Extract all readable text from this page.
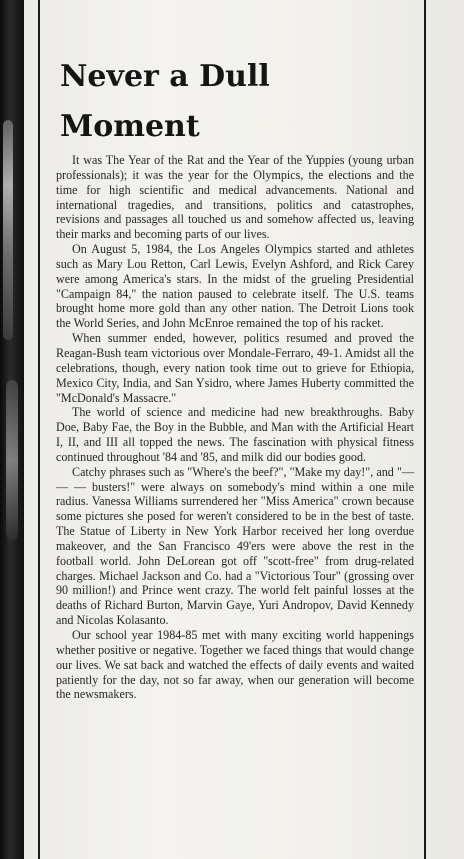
Never a Dull
Moment

It was The Year of the Rat and the Year of the Yuppies (young urban professionals); it was the year for the Olympics, the elections and the time for high scientific and medical advancements. National and international tragedies, and transitions, politics and catastrophes, revisions and passages all touched us and somehow affected us, leaving their marks and becoming parts of our lives.

On August 5, 1984, the Los Angeles Olympics started and athletes such as Mary Lou Retton, Carl Lewis, Evelyn Ashford, and Rick Carey were among America's stars. In the midst of the grueling Presidential "Campaign 84," the nation paused to celebrate itself. The U.S. teams brought home more gold than any other nation. The Detroit Lions took the World Series, and John McEnroe remained the top of his racket.

When summer ended, however, politics resumed and proved the Reagan-Bush team victorious over Mondale-Ferraro, 49-1. Amidst all the celebrations, though, every nation took time out to grieve for Ethiopia, Mexico City, India, and San Ysidro, where James Huberty committed the "McDonald's Massacre."

The world of science and medicine had new breakthroughs. Baby Doe, Baby Fae, the Boy in the Bubble, and Man with the Artificial Heart I, II, and III all topped the news. The fascination with physical fitness continued throughout '84 and '85, and milk did our bodies good.

Catchy phrases such as "Where's the beef?", "Make my day!", and "— — — busters!" were always on somebody's mind within a one mile radius. Vanessa Williams surrendered her "Miss America" crown because some pictures she posed for weren't considered to be in the best of taste. The Statue of Liberty in New York Harbor received her long overdue makeover, and the San Francisco 49'ers were above the rest in the football world. John DeLorean got off "scott-free" from drug-related charges. Michael Jackson and Co. had a "Victorious Tour" (grossing over 90 million!) and Prince went crazy. The world felt painful losses at the deaths of Richard Burton, Marvin Gaye, Yuri Andropov, David Kennedy and Nicolas Kolasanto.

Our school year 1984-85 met with many exciting world happenings whether positive or negative. Together we faced things that would change our lives. We sat back and watched the effects of daily events and waited patiently for the day, not so far away, when our generation will become the newsmakers.
